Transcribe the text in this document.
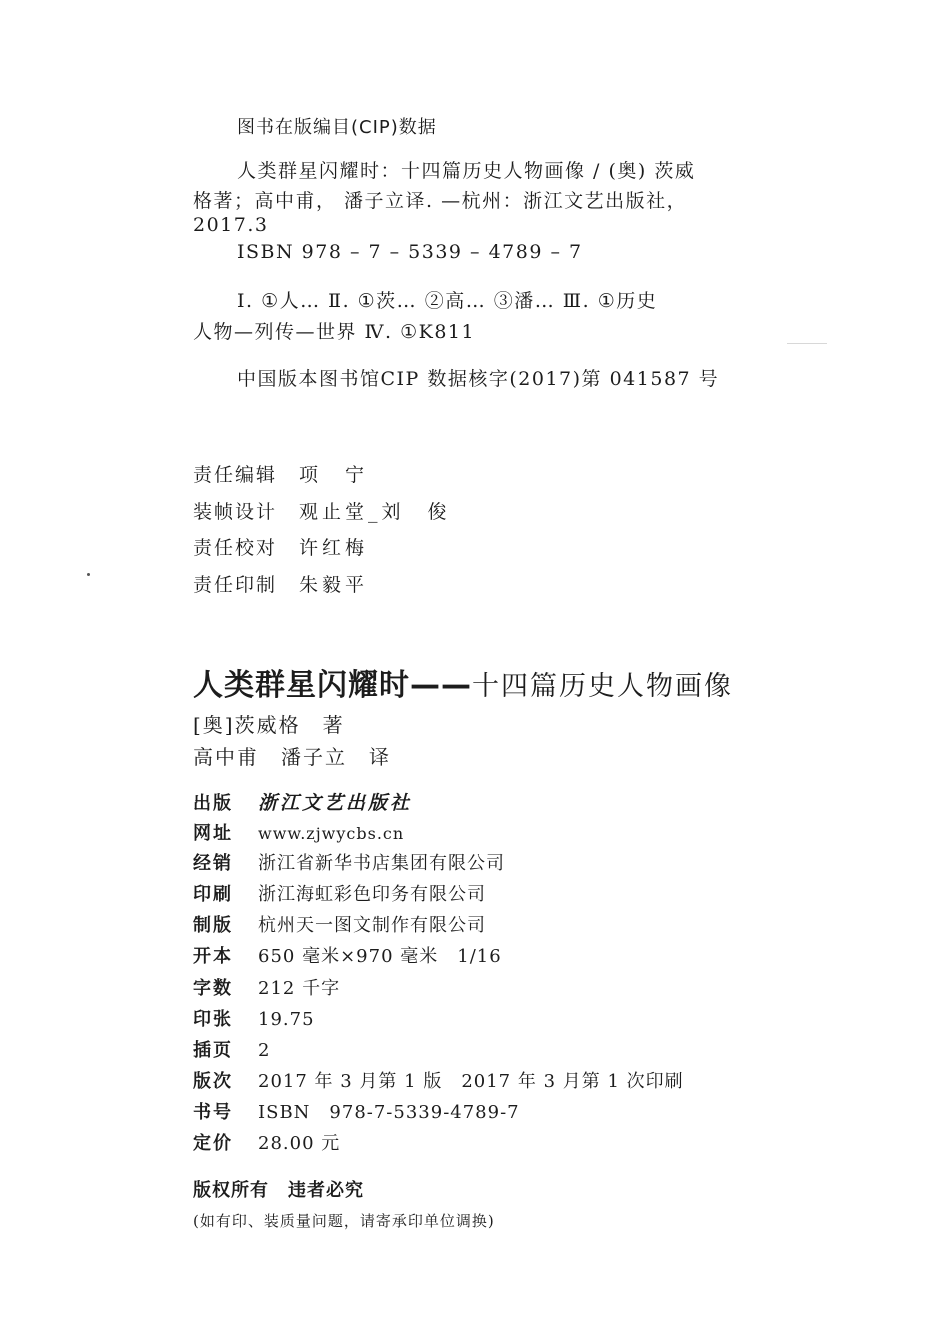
图书在版编目(CIP)数据
人类群星闪耀时：十四篇历史人物画像 / (奥) 茨威
格著；高中甫， 潘子立译. —杭州：浙江文艺出版社，
2017.3
ISBN 978 – 7 – 5339 – 4789 – 7
Ⅰ. ①人… Ⅱ. ①茨… ②高… ③潘… Ⅲ. ①历史
人物—列传—世界 Ⅳ. ①K811
中国版本图书馆CIP 数据核字(2017)第 041587 号
责任编辑 项　宁
装帧设计 观止堂_刘　俊
责任校对 许红梅
责任印制 朱毅平
人类群星闪耀时——十四篇历史人物画像
[奥]茨威格　著
高中甫　潘子立　译
出版 浙江文艺出版社
网址 www.zjwycbs.cn
经销 浙江省新华书店集团有限公司
印刷 浙江海虹彩色印务有限公司
制版 杭州天一图文制作有限公司
开本 650 毫米×970 毫米　1/16
字数 212 千字
印张 19.75
插页 2
版次 2017 年 3 月第 1 版　2017 年 3 月第 1 次印刷
书号 ISBN　978-7-5339-4789-7
定价 28.00 元
版权所有　违者必究
(如有印、装质量问题，请寄承印单位调换)
